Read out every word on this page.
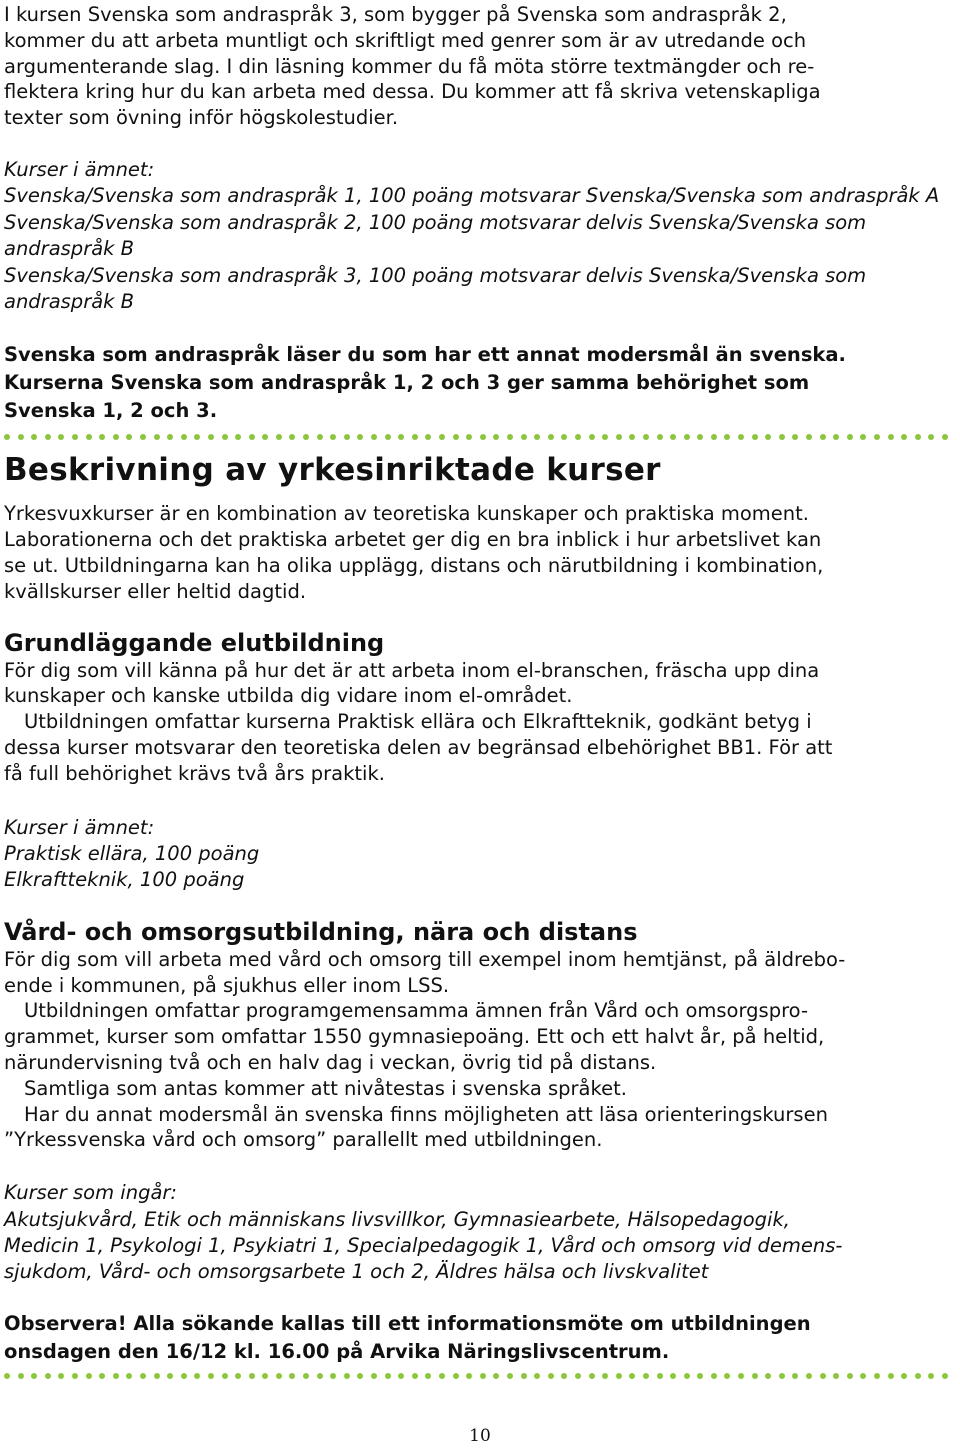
I kursen Svenska som andraspråk 3, som bygger på Svenska som andraspråk 2,
kommer du att arbeta muntligt och skriftligt med genrer som är av utredande och
argumenterande slag. I din läsning kommer du få möta större textmängder och re-
flektera kring hur du kan arbeta med dessa. Du kommer att få skriva vetenskapliga
texter som övning inför högskolestudier.

Kurser i ämnet:
Svenska/Svenska som andraspråk 1, 100 poäng motsvarar Svenska/Svenska som andraspråk A
Svenska/Svenska som andraspråk 2, 100 poäng motsvarar delvis Svenska/Svenska som andraspråk B
Svenska/Svenska som andraspråk 3, 100 poäng motsvarar delvis Svenska/Svenska som andraspråk B

Svenska som andraspråk läser du som har ett annat modersmål än svenska.
Kurserna Svenska som andraspråk 1, 2 och 3 ger samma behörighet som
Svenska 1, 2 och 3.

Beskrivning av yrkesinriktade kurser

Yrkesvuxkurser är en kombination av teoretiska kunskaper och praktiska moment.
Laborationerna och det praktiska arbetet ger dig en bra inblick i hur arbetslivet kan
se ut. Utbildningarna kan ha olika upplägg, distans och närutbildning i kombination,
kvällskurser eller heltid dagtid.

Grundläggande elutbildning

För dig som vill känna på hur det är att arbeta inom el-branschen, fräscha upp dina
kunskaper och kanske utbilda dig vidare inom el-området.

Utbildningen omfattar kurserna Praktisk ellära och Elkraftteknik, godkänt betyg i
dessa kurser motsvarar den teoretiska delen av begränsad elbehörighet BB1. För att
få full behörighet krävs två års praktik.

Kurser i ämnet:
Praktisk ellära, 100 poäng
Elkraftteknik, 100 poäng
Vård- och omsorgsutbildning, nära och distans

För dig som vill arbeta med vård och omsorg till exempel inom hemtjänst, på äldrebo-
ende i kommunen, på sjukhus eller inom LSS.

Utbildningen omfattar programgemensamma ämnen från Vård och omsorgspro-
grammet, kurser som omfattar 1550 gymnasiepoäng. Ett och ett halvt år, på heltid,
närundervisning två och en halv dag i veckan, övrig tid på distans.

Samtliga som antas kommer att nivåtestas i svenska språket.

Har du annat modersmål än svenska finns möjligheten att läsa orienteringskursen
”Yrkessvenska vård och omsorg” parallellt med utbildningen.

Kurser som ingår:
Akutsjukvård, Etik och människans livsvillkor, Gymnasiearbete, Hälsopedagogik,
Medicin 1, Psykologi 1, Psykiatri 1, Specialpedagogik 1, Vård och omsorg vid demens-
sjukdom, Vård- och omsorgsarbete 1 och 2, Äldres hälsa och livskvalitet

Observera! Alla sökande kallas till ett informationsmöte om utbildningen
onsdagen den 16/12 kl. 16.00 på Arvika Näringslivscentrum.

10
